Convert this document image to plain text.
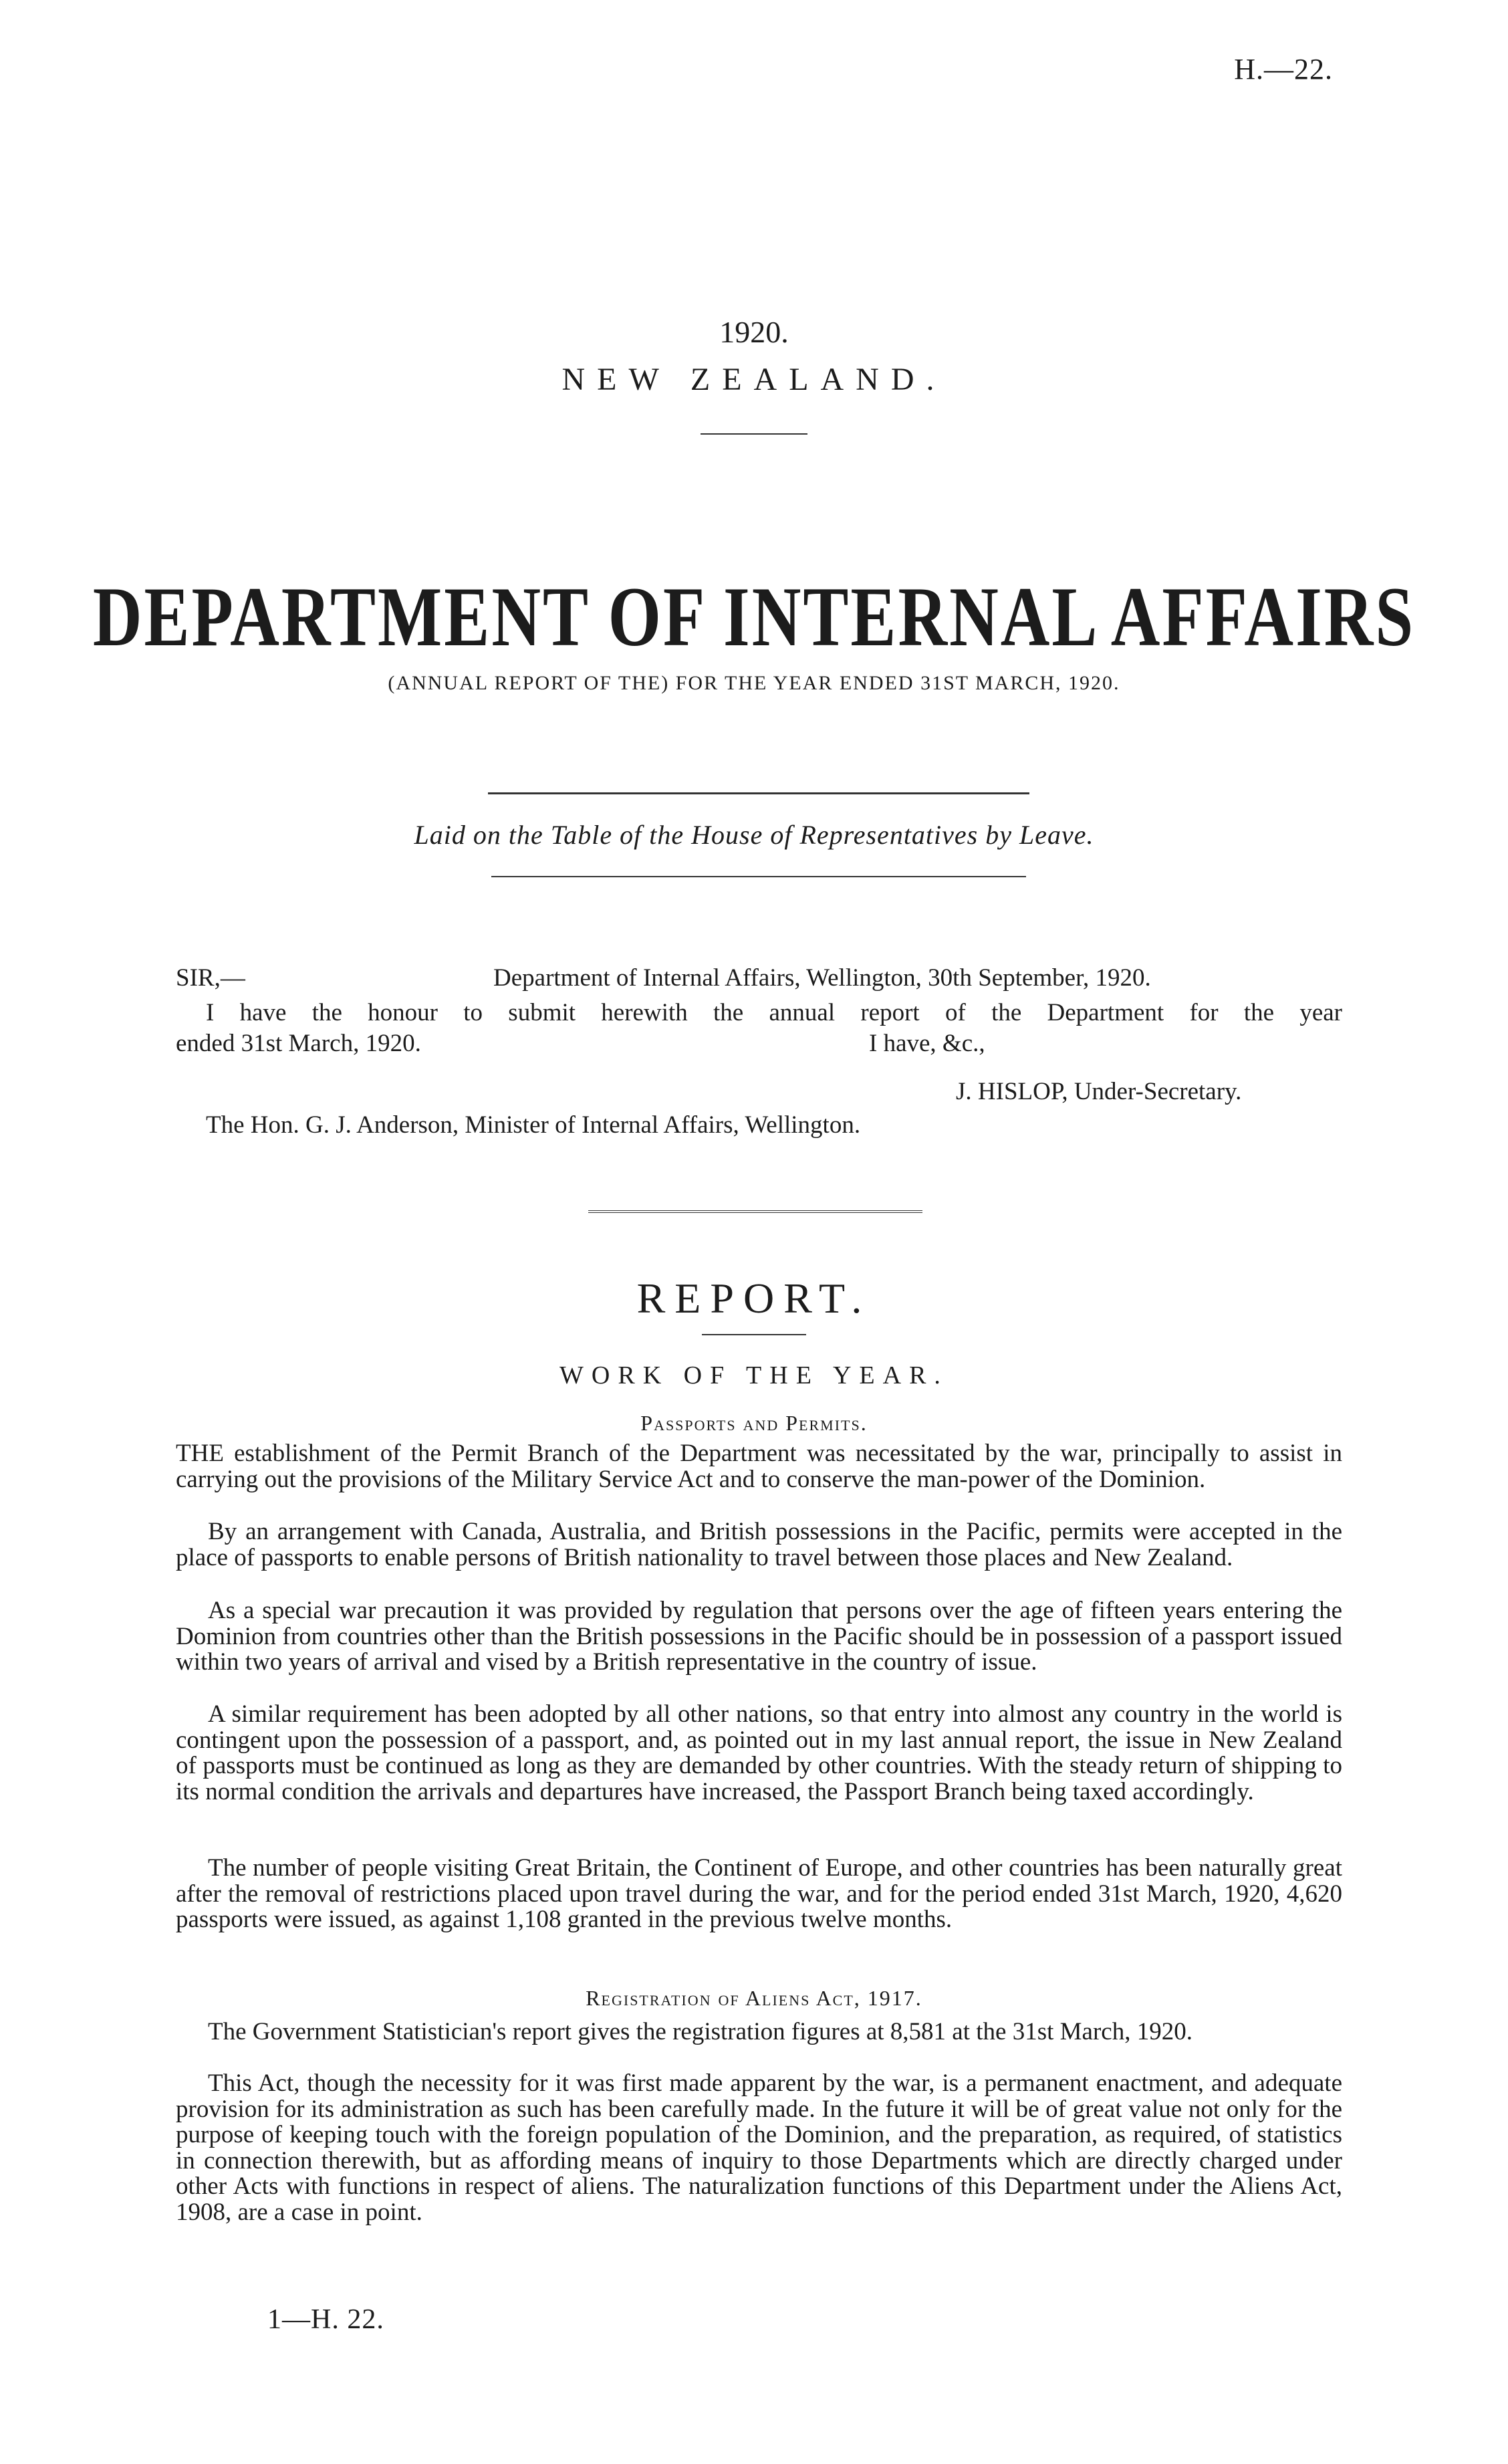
H.—22.
1920.
NEW ZEALAND.
DEPARTMENT OF INTERNAL AFFAIRS
(ANNUAL REPORT OF THE) FOR THE YEAR ENDED 31ST MARCH, 1920.
Laid on the Table of the House of Representatives by Leave.
SIR,—	Department of Internal Affairs, Wellington, 30th September, 1920.
I have the honour to submit herewith the annual report of the Department for the year
ended 31st March, 1920.	I have, &c.,
J. HISLOP, Under-Secretary.
The Hon. G. J. Anderson, Minister of Internal Affairs, Wellington.
REPORT.
WORK OF THE YEAR.
Passports and Permits.

THE establishment of the Permit Branch of the Department was necessitated by the war, principally to assist in carrying out the provisions of the Military Service Act and to conserve the man-power of the Dominion.

By an arrangement with Canada, Australia, and British possessions in the Pacific, permits were accepted in the place of passports to enable persons of British nationality to travel between those places and New Zealand.

As a special war precaution it was provided by regulation that persons over the age of fifteen years entering the Dominion from countries other than the British possessions in the Pacific should be in possession of a passport issued within two years of arrival and vised by a British representative in the country of issue.

A similar requirement has been adopted by all other nations, so that entry into almost any country in the world is contingent upon the possession of a passport, and, as pointed out in my last annual report, the issue in New Zealand of passports must be continued as long as they are demanded by other countries. With the steady return of shipping to its normal condition the arrivals and departures have increased, the Passport Branch being taxed accordingly.

The number of people visiting Great Britain, the Continent of Europe, and other countries has been naturally great after the removal of restrictions placed upon travel during the war, and for the period ended 31st March, 1920, 4,620 passports were issued, as against 1,108 granted in the previous twelve months.

Registration of Aliens Act, 1917.

The Government Statistician's report gives the registration figures at 8,581 at the 31st March, 1920.

This Act, though the necessity for it was first made apparent by the war, is a permanent enactment, and adequate provision for its administration as such has been carefully made. In the future it will be of great value not only for the purpose of keeping touch with the foreign population of the Dominion, and the preparation, as required, of statistics in connection therewith, but as affording means of inquiry to those Departments which are directly charged under other Acts with functions in respect of aliens. The naturalization functions of this Department under the Aliens Act, 1908, are a case in point.

1—H. 22.
